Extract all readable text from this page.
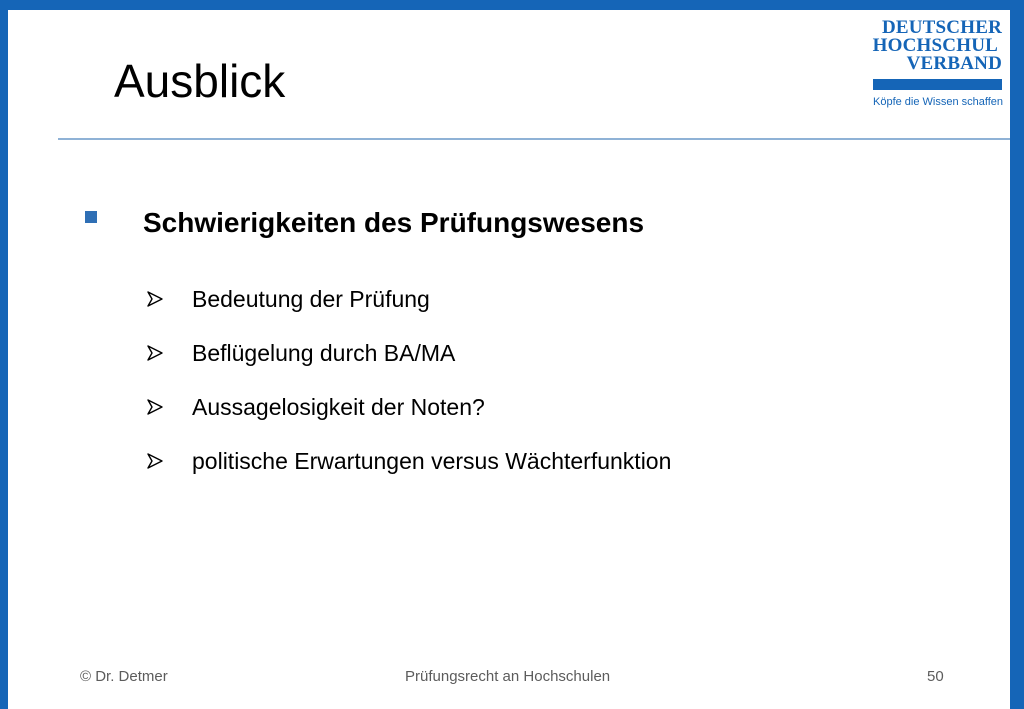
Ausblick
DEUTSCHER
HOCHSCHUL
VERBAND
Köpfe die Wissen schaffen
Schwierigkeiten des Prüfungswesens
Bedeutung der Prüfung
Beflügelung durch BA/MA
Aussagelosigkeit der Noten?
politische Erwartungen versus Wächterfunktion
© Dr. Detmer	Prüfungsrecht an Hochschulen	50
